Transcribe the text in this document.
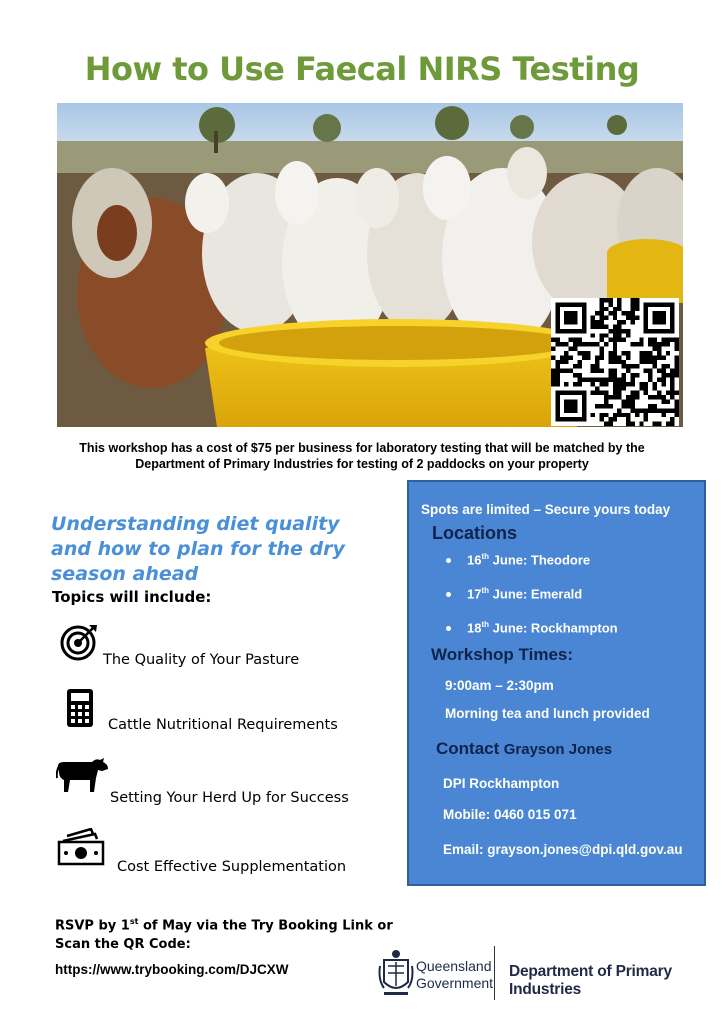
How to Use Faecal NIRS Testing
This workshop has a cost of $75 per business for laboratory testing that will be matched by the
Department of Primary Industries for testing of 2 paddocks on your property
Understanding diet quality and how to plan for the dry season ahead
Topics will include:
The Quality of Your Pasture
Cattle Nutritional Requirements
Setting Your Herd Up for Success
Cost Effective Supplementation
Spots are limited – Secure yours today
Locations
16th June: Theodore
17th June: Emerald
18th June: Rockhampton
Workshop Times:
9:00am – 2:30pm
Morning tea and lunch provided
Contact Grayson Jones
DPI Rockhampton
Mobile: 0460 015 071
Email: grayson.jones@dpi.qld.gov.au
RSVP by 1st of May via the Try Booking Link or
Scan the QR Code:
https://www.trybooking.com/DJCXW	Queensland
Government
Department of Primary Industries
